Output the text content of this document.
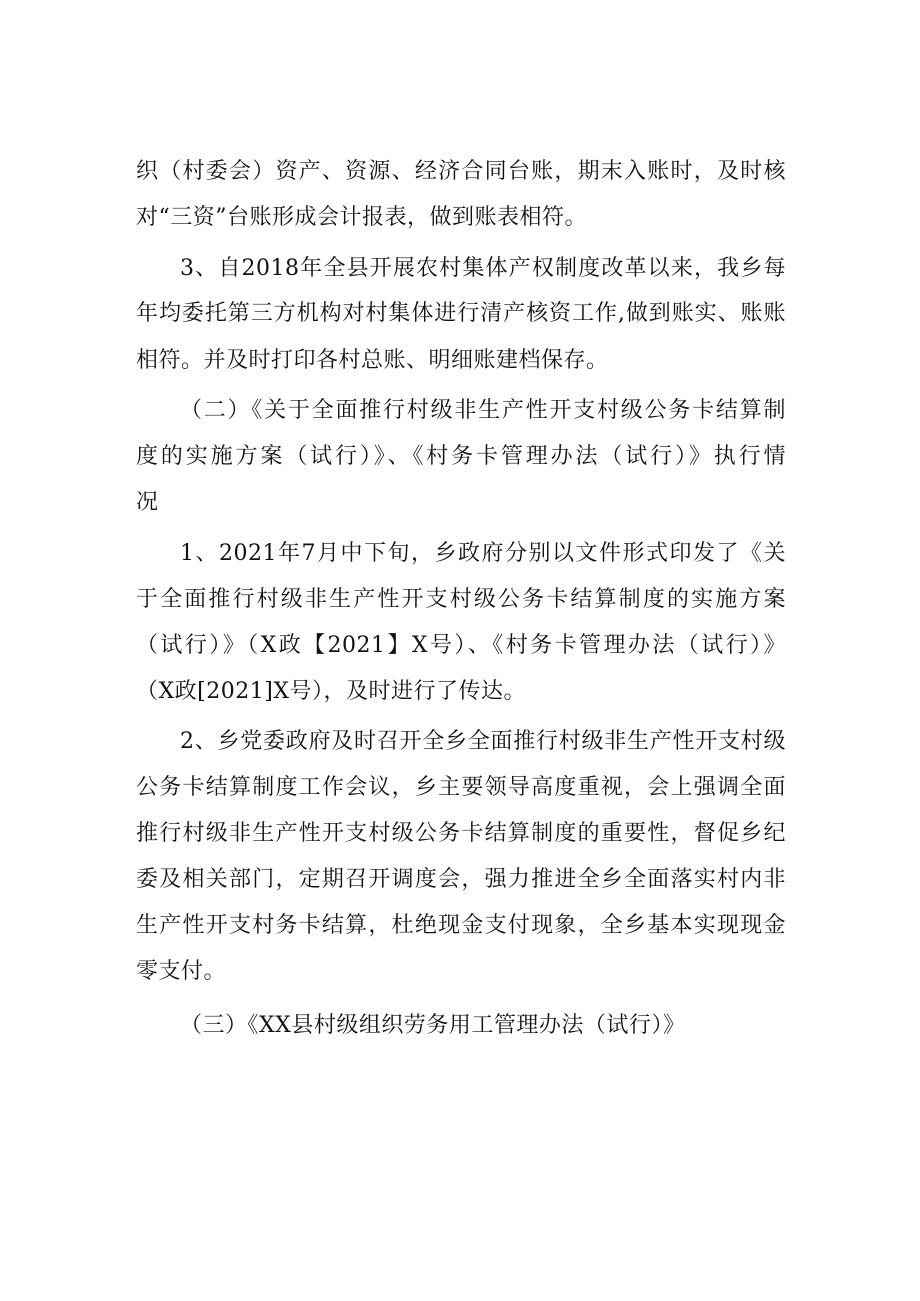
织（村委会）资产、资源、经济合同台账，期末入账时，及时核
对“三资”台账形成会计报表，做到账表相符。
3、自2018年全县开展农村集体产权制度改革以来，我乡每
年均委托第三方机构对村集体进行清产核资工作,做到账实、账账
相符。并及时打印各村总账、明细账建档保存。
（二）《关于全面推行村级非生产性开支村级公务卡结算制
度的实施方案（试行）》、《村务卡管理办法（试行）》执行情
况
1、2021年7月中下旬，乡政府分别以文件形式印发了《关
于全面推行村级非生产性开支村级公务卡结算制度的实施方案
（试行）》（X政【2021】X号）、《村务卡管理办法（试行）》
（X政[2021]X号），及时进行了传达。
2、乡党委政府及时召开全乡全面推行村级非生产性开支村级
公务卡结算制度工作会议，乡主要领导高度重视，会上强调全面
推行村级非生产性开支村级公务卡结算制度的重要性，督促乡纪
委及相关部门，定期召开调度会，强力推进全乡全面落实村内非
生产性开支村务卡结算，杜绝现金支付现象，全乡基本实现现金
零支付。
（三）《XX县村级组织劳务用工管理办法（试行）》
